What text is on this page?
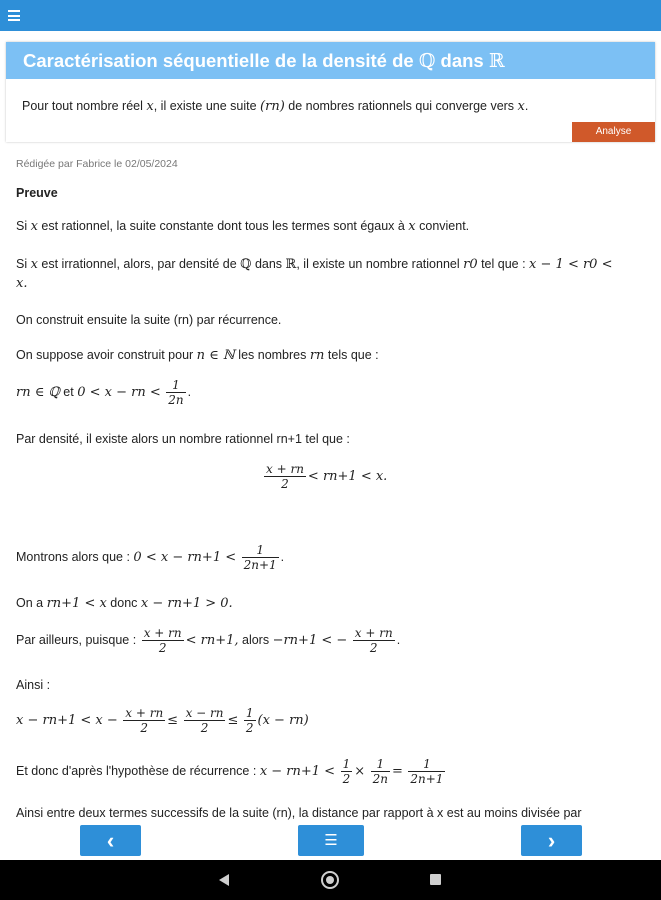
Caractérisation séquentielle de la densité de ℚ dans ℝ
Pour tout nombre réel x, il existe une suite (rn) de nombres rationnels qui converge vers x.
Analyse
Rédigée par Fabrice le 02/05/2024
Preuve
Si x est rationnel, la suite constante dont tous les termes sont égaux à x convient.
Si x est irrationnel, alors, par densité de ℚ dans ℝ, il existe un nombre rationnel r0 tel que : x − 1 < r0 <
x.
On construit ensuite la suite (rn) par récurrence.
On suppose avoir construit pour n ∈ ℕ les nombres rn tels que :
rn ∈ ℚ et 0 < x − rn < $\frac{1}{2n}$ .
Par densité, il existe alors un nombre rationnel rn+1 tel que :
$\frac{x + rn}{2} < rn+1 < x$.
Montrons alors que : $0 < x - rn+1 < \frac{1}{2n+1}$ .
On a rn+1 < x donc x − rn+1 > 0.
Par ailleurs, puisque : $\frac{x + rn}{2} < rn+1$, alors −rn+1 < − $\frac{x + rn}{2}$ .
Ainsi :
$x - rn+1 < x - \frac{x + rn}{2} \le \frac{x - rn}{2} \le \frac{1}{2} (x - rn)$
Et donc d'après l'hypothèse de récurrence : $x - rn+1 < \frac{1}{2} \times \frac{1}{2n} = \frac{1}{2n+1}$
Ainsi entre deux termes successifs de la suite (rn), la distance par rapport à x est au moins divisée par
‹	☰	›
